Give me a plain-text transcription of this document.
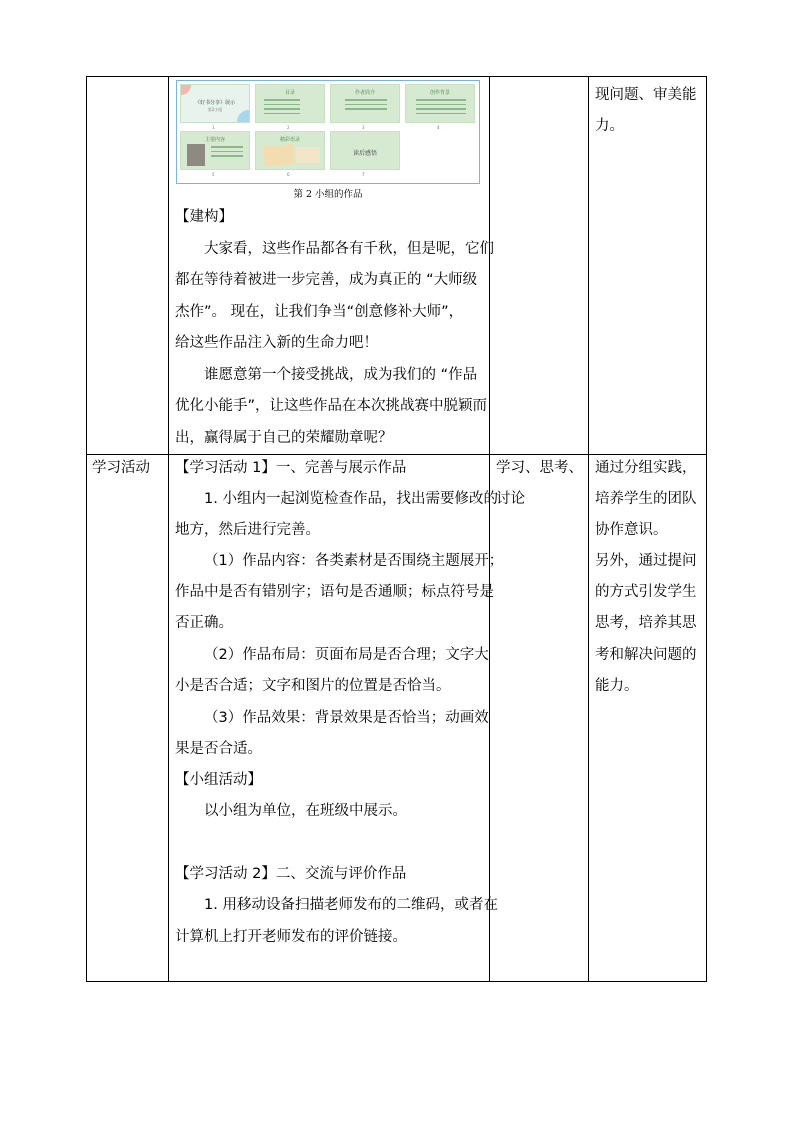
《好书分享》展示
第2小组
目录	作者简介	创作背景
主要内容	精彩语录
读后感悟
1	2	3	4
5	6	7
第 2 小组的作品
【建构】
大家看，这些作品都各有千秋，但是呢，它们
都在等待着被进一步完善，成为真正的 “大师级
杰作”。 现在，让我们争当“创意修补大师”，
给这些作品注入新的生命力吧！
谁愿意第一个接受挑战，成为我们的 “作品
优化小能手”，让这些作品在本次挑战赛中脱颖而
出，赢得属于自己的荣耀勋章呢？
现问题、审美能
力。
学习活动 【学习活动 1】一、完善与展示作品
1. 小组内一起浏览检查作品，找出需要修改的
地方，然后进行完善。
（1）作品内容：各类素材是否围绕主题展开；
作品中是否有错别字；语句是否通顺；标点符号是
否正确。
（2）作品布局：页面布局是否合理；文字大
小是否合适；文字和图片的位置是否恰当。
（3）作品效果：背景效果是否恰当；动画效
果是否合适。
【小组活动】
以小组为单位，在班级中展示。
【学习活动 2】二、交流与评价作品
1. 用移动设备扫描老师发布的二维码，或者在
计算机上打开老师发布的评价链接。
学习、思考、
讨论
通过分组实践，
培养学生的团队
协作意识。
另外，通过提问
的方式引发学生
思考，培养其思
考和解决问题的
能力。
